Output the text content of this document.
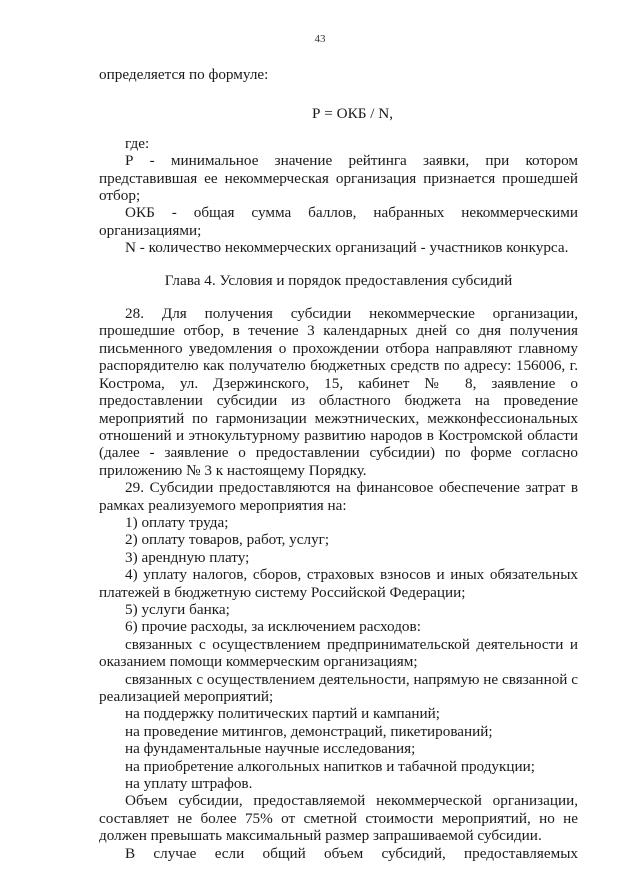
43

определяется по формуле:

Р = ОКБ / N,

где:

Р - минимальное значение рейтинга заявки, при котором представившая ее некоммерческая организация признается прошедшей отбор;

ОКБ - общая сумма баллов, набранных некоммерческими организациями;

N - количество некоммерческих организаций - участников конкурса.

Глава 4. Условия и порядок предоставления субсидий

28. Для получения субсидии некоммерческие организации, прошедшие отбор, в течение 3 календарных дней со дня получения письменного уведомления о прохождении отбора направляют главному распорядителю как получателю бюджетных средств по адресу: 156006, г. Кострома, ул. Дзержинского, 15, кабинет № 8, заявление о предоставлении субсидии из областного бюджета на проведение мероприятий по гармонизации межэтнических, межконфессиональных отношений и этнокультурному развитию народов в Костромской области (далее - заявление о предоставлении субсидии) по форме согласно приложению № 3 к настоящему Порядку.

29. Субсидии предоставляются на финансовое обеспечение затрат в рамках реализуемого мероприятия на:

1) оплату труда;

2) оплату товаров, работ, услуг;

3) арендную плату;

4) уплату налогов, сборов, страховых взносов и иных обязательных платежей в бюджетную систему Российской Федерации;

5) услуги банка;

6) прочие расходы, за исключением расходов:

связанных с осуществлением предпринимательской деятельности и оказанием помощи коммерческим организациям;

связанных с осуществлением деятельности, напрямую не связанной с реализацией мероприятий;

на поддержку политических партий и кампаний;

на проведение митингов, демонстраций, пикетирований;

на фундаментальные научные исследования;

на приобретение алкогольных напитков и табачной продукции;

на уплату штрафов.

Объем субсидии, предоставляемой некоммерческой организации, составляет не более 75% от сметной стоимости мероприятий, но не должен превышать максимальный размер запрашиваемой субсидии.

В случае если общий объем субсидий, предоставляемых
